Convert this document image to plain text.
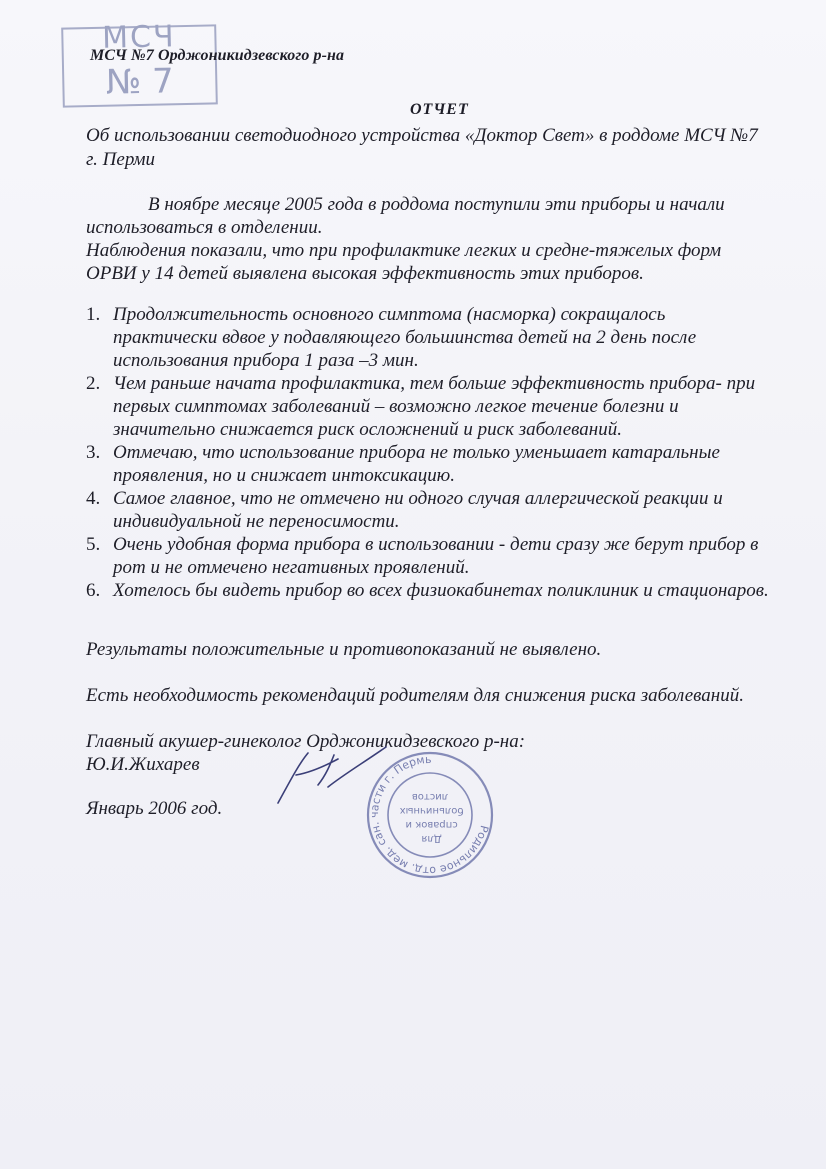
МСЧ
№ 7
МСЧ №7 Орджоникидзевского р-на
ОТЧЕТ
Об использовании светодиодного устройства «Доктор Свет» в роддоме МСЧ №7
г. Перми
В ноябре месяце 2005 года в роддома поступили эти приборы и начали
использоваться в отделении.
Наблюдения показали, что при профилактике легких и средне-тяжелых форм
ОРВИ у 14 детей выявлена высокая эффективность этих приборов.
1. Продолжительность основного симптома (насморка) сокращалось
практически вдвое у подавляющего большинства детей на 2 день после
использования прибора 1 раза –3 мин.
2. Чем раньше начата профилактика, тем больше эффективность прибора- при
первых симптомах заболеваний – возможно легкое течение болезни и
значительно снижается риск осложнений и риск заболеваний.
3. Отмечаю, что использование прибора не только уменьшает катаральные
проявления, но и снижает интоксикацию.
4. Самое главное, что не отмечено ни одного случая аллергической реакции и
индивидуальной не переносимости.
5. Очень удобная форма прибора в использовании - дети сразу же берут прибор в
рот и не отмечено негативных проявлений.
6. Хотелось бы видеть прибор во всех физиокабинетах поликлиник и стационаров.
Результаты положительные и противопоказаний не выявлено.
Есть необходимость рекомендаций родителям для снижения риска заболеваний.
Главный акушер-гинеколог Орджоникидзевского р-на:
Ю.И.Жихарев
Январь 2006 год.
Родильное отд. мед. сан. части г. Пермь
Для справок и больничных листов
